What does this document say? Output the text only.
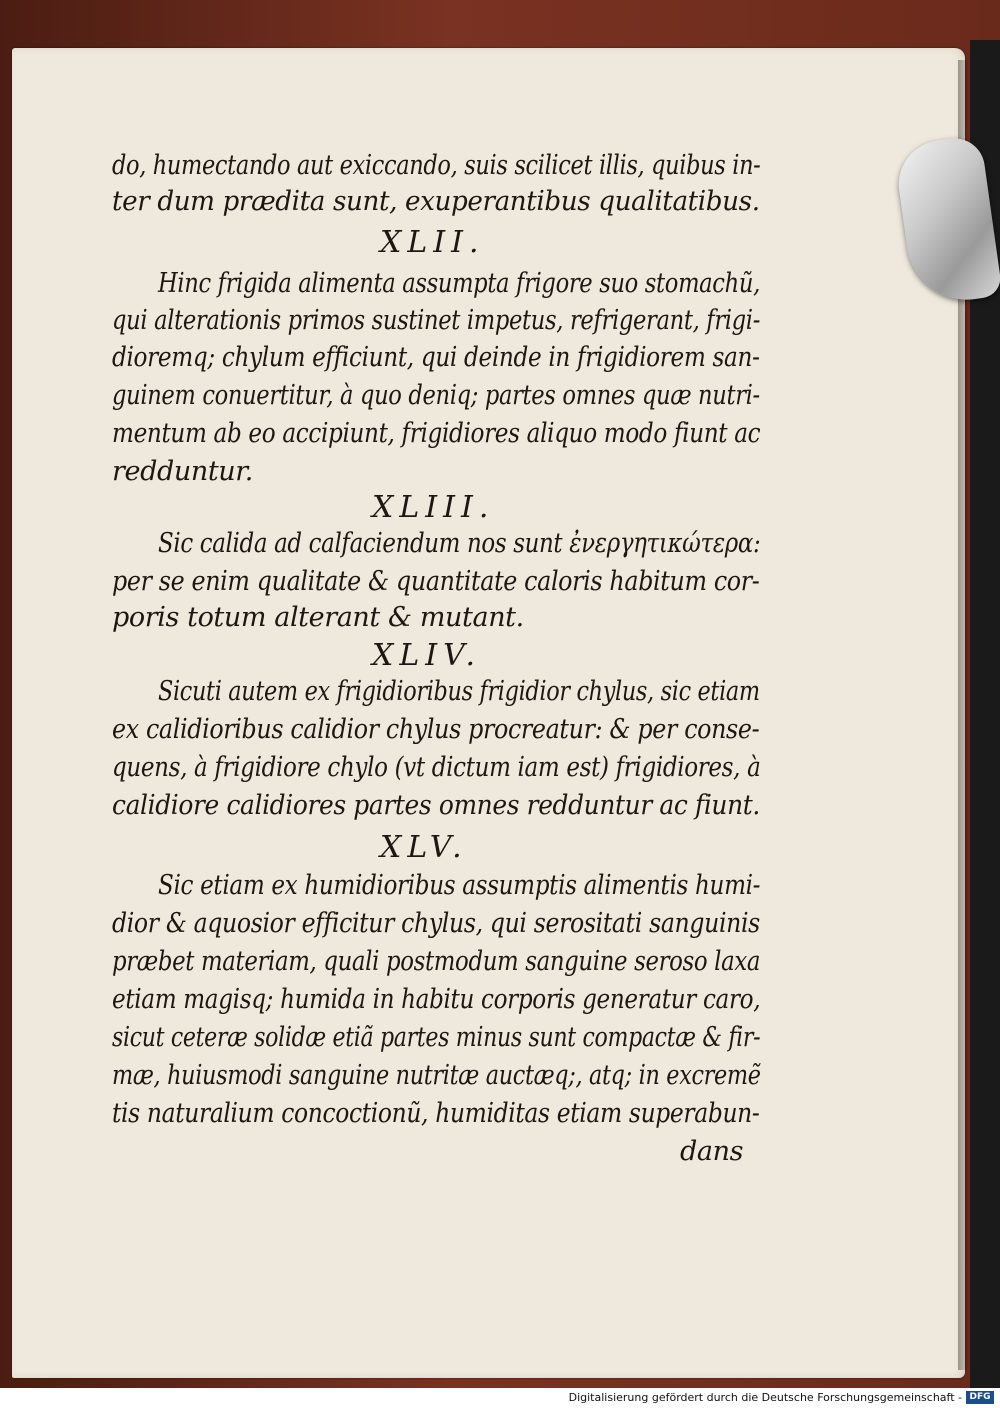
do, humectando aut exiccando, suis scilicet illis, quibus in-

ter dum prædita sunt, exuperantibus qualitatibus.

XLII.

Hinc frigida alimenta assumpta frigore suo stomachũ,

qui alterationis primos sustinet impetus, refrigerant, frigi-

dioremq; chylum efficiunt, qui deinde in frigidiorem san-

guinem conuertitur, à quo deniq; partes omnes quæ nutri-

mentum ab eo accipiunt, frigidiores aliquo modo fiunt ac

redduntur.

XLIII.

Sic calida ad calfaciendum nos sunt ἐνεργητικώτερα:

per se enim qualitate & quantitate caloris habitum cor-

poris totum alterant & mutant.

XLIV.

Sicuti autem ex frigidioribus frigidior chylus, sic etiam

ex calidioribus calidior chylus procreatur: & per conse-

quens, à frigidiore chylo (vt dictum iam est) frigidiores, à

calidiore calidiores partes omnes redduntur ac fiunt.

XLV.

Sic etiam ex humidioribus assumptis alimentis humi-

dior & aquosior efficitur chylus, qui serositati sanguinis

præbet materiam, quali postmodum sanguine seroso laxa

etiam magisq; humida in habitu corporis generatur caro,

sicut ceteræ solidæ etiã partes minus sunt compactæ & fir-

mæ, huiusmodi sanguine nutritæ auctæq;, atq; in excremẽ

tis naturalium concoctionũ, humiditas etiam superabun-

dans

Digitalisierung gefördert durch die Deutsche Forschungsgemeinschaft - DFG
